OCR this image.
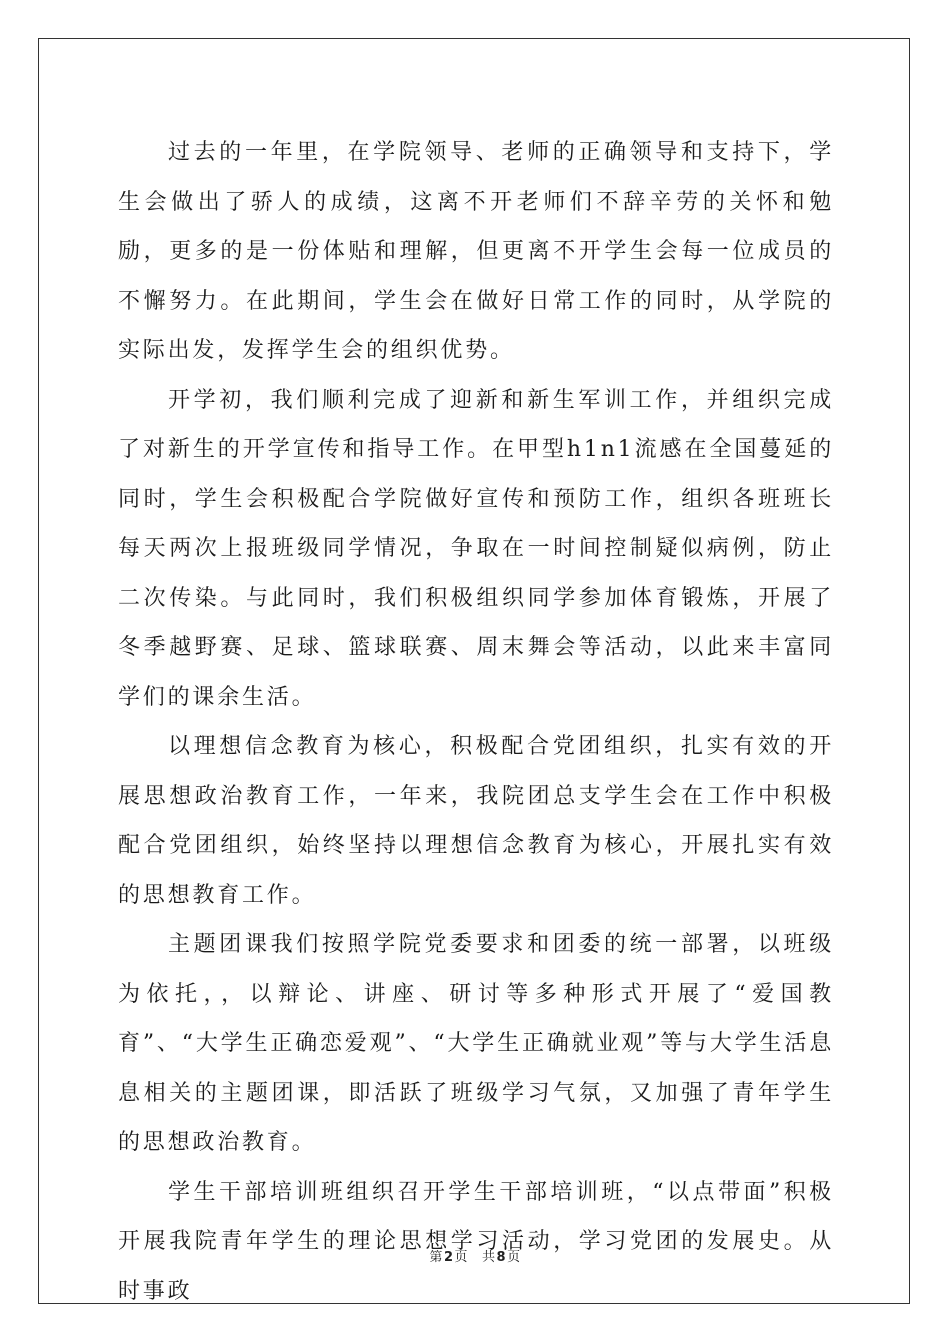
过去的一年里，在学院领导、老师的正确领导和支持下，学生会做出了骄人的成绩，这离不开老师们不辞辛劳的关怀和勉励，更多的是一份体贴和理解，但更离不开学生会每一位成员的不懈努力。在此期间，学生会在做好日常工作的同时，从学院的实际出发，发挥学生会的组织优势。

开学初，我们顺利完成了迎新和新生军训工作，并组织完成了对新生的开学宣传和指导工作。在甲型h1n1流感在全国蔓延的同时，学生会积极配合学院做好宣传和预防工作，组织各班班长每天两次上报班级同学情况，争取在一时间控制疑似病例，防止二次传染。与此同时，我们积极组织同学参加体育锻炼，开展了冬季越野赛、足球、篮球联赛、周末舞会等活动，以此来丰富同学们的课余生活。

以理想信念教育为核心，积极配合党团组织，扎实有效的开展思想政治教育工作，一年来，我院团总支学生会在工作中积极配合党团组织，始终坚持以理想信念教育为核心，开展扎实有效的思想教育工作。

主题团课我们按照学院党委要求和团委的统一部署，以班级为依托，，以辩论、讲座、研讨等多种形式开展了“爱国教育”、“大学生正确恋爱观”、“大学生正确就业观”等与大学生活息息相关的主题团课，即活跃了班级学习气氛，又加强了青年学生的思想政治教育。

学生干部培训班组织召开学生干部培训班，“以点带面”积极开展我院青年学生的理论思想学习活动，学习党团的发展史。从时事政

第2页 共8页
